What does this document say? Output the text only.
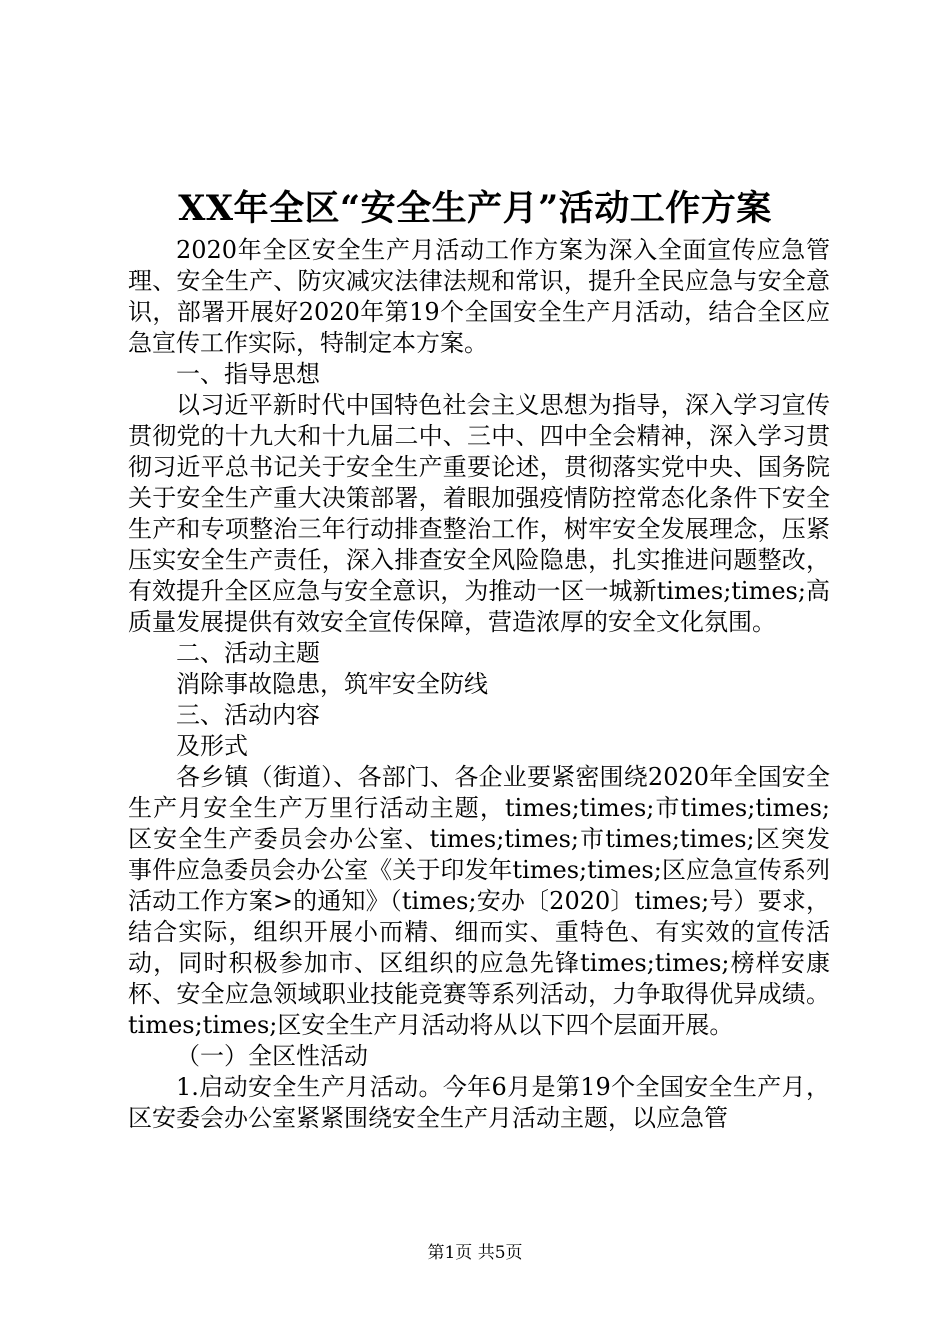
XX年全区“安全生产月”活动工作方案

2020年全区安全生产月活动工作方案为深入全面宣传应急管理、安全生产、防灾减灾法律法规和常识，提升全民应急与安全意识，部署开展好2020年第19个全国安全生产月活动，结合全区应急宣传工作实际，特制定本方案。

一、指导思想

以习近平新时代中国特色社会主义思想为指导，深入学习宣传贯彻党的十九大和十九届二中、三中、四中全会精神，深入学习贯彻习近平总书记关于安全生产重要论述，贯彻落实党中央、国务院关于安全生产重大决策部署，着眼加强疫情防控常态化条件下安全生产和专项整治三年行动排查整治工作，树牢安全发展理念，压紧压实安全生产责任，深入排查安全风险隐患，扎实推进问题整改，有效提升全区应急与安全意识，为推动一区一城新times;times;高质量发展提供有效安全宣传保障，营造浓厚的安全文化氛围。

二、活动主题

消除事故隐患，筑牢安全防线

三、活动内容

及形式

各乡镇（街道）、各部门、各企业要紧密围绕2020年全国安全生产月安全生产万里行活动主题，times;times;市times;times;区安全生产委员会办公室、times;times;市times;times;区突发事件应急委员会办公室《关于印发年times;times;区应急宣传系列活动工作方案>的通知》（times;安办〔2020〕times;号）要求，结合实际，组织开展小而精、细而实、重特色、有实效的宣传活动，同时积极参加市、区组织的应急先锋times;times;榜样安康杯、安全应急领域职业技能竞赛等系列活动，力争取得优异成绩。times;times;区安全生产月活动将从以下四个层面开展。

（一）全区性活动

1.启动安全生产月活动。今年6月是第19个全国安全生产月，区安委会办公室紧紧围绕安全生产月活动主题，以应急管

第1页 共5页
